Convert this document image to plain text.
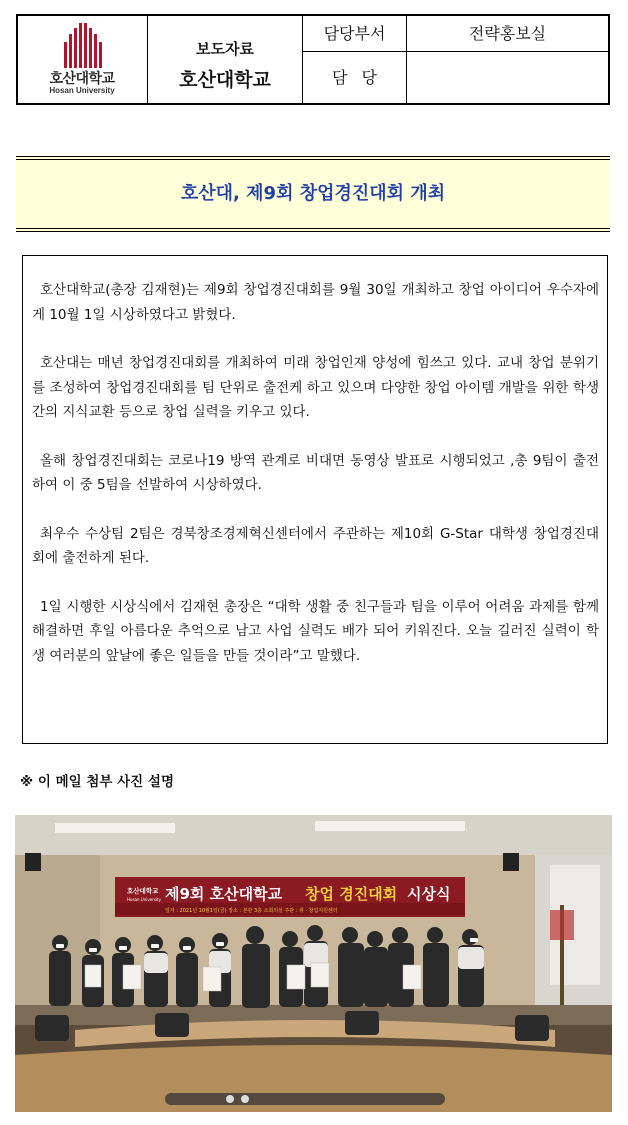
호산대학교
Hosan University
보도자료
호산대학교
담당부서	전략홍보실
담당
호산대, 제9회 창업경진대회 개최

호산대학교(총장 김재현)는 제9회 창업경진대회를 9월 30일 개최하고 창업 아이디어 우수자에게 10월 1일 시상하였다고 밝혔다.

호산대는 매년 창업경진대회를 개최하여 미래 창업인재 양성에 힘쓰고 있다. 교내 창업 분위기를 조성하여 창업경진대회를 팀 단위로 출전케 하고 있으며 다양한 창업 아이템 개발을 위한 학생간의 지식교환 등으로 창업 실력을 키우고 있다.

올해 창업경진대회는 코로나19 방역 관계로 비대면 동영상 발표로 시행되었고 ,총 9팀이 출전하여 이 중 5팀을 선발하여 시상하였다.

최우수 수상팀 2팀은 경북창조경제혁신센터에서 주관하는 제10회 G-Star 대학생 창업경진대회에 출전하게 된다.

1일 시행한 시상식에서 김재현 총장은 “대학 생활 중 친구들과 팀을 이루어 어려움 과제를 함께 해결하면 후일 아름다운 추억으로 남고 사업 실력도 배가 되어 키워진다. 오늘 길러진 실력이 학생 여러분의 앞날에 좋은 일들을 만들 것이라”고 말했다.

※ 이 메일 첨부 사진 설명
호산대학교
Hosan University 제9회 호산대학교 창업 경진대회 시상식
일자 : 2021년 10월1일(금) 장소 : 본관 3층 소회의실 주관 : 취 · 창업지원센터
